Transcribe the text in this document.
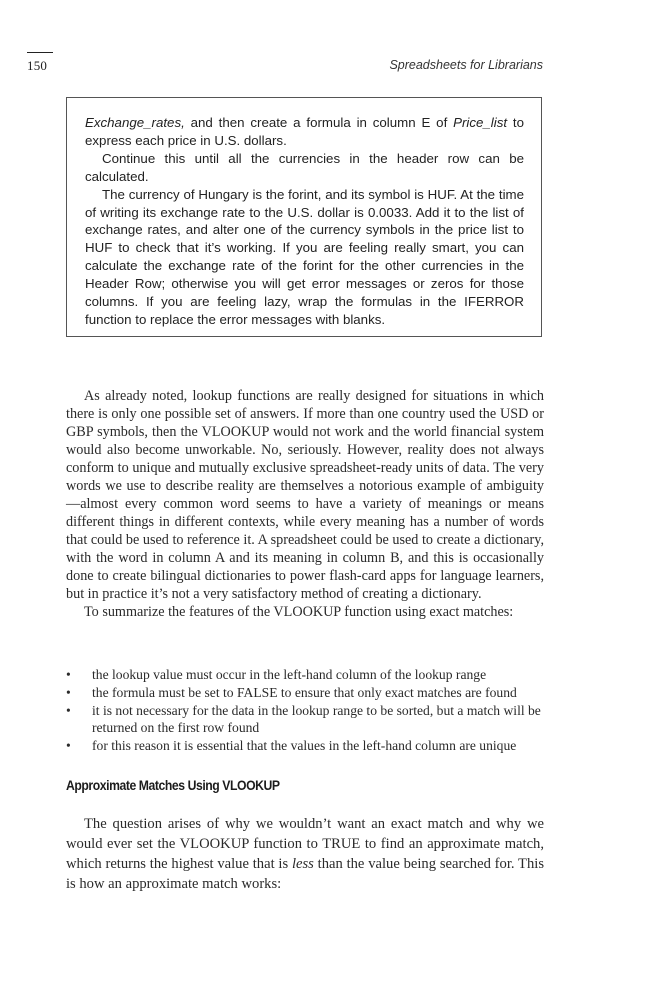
150	Spreadsheets for Librarians

Exchange_rates, and then create a formula in column E of Price_list to express each price in U.S. dollars.

Continue this until all the currencies in the header row can be calculated.

The currency of Hungary is the forint, and its symbol is HUF. At the time of writing its exchange rate to the U.S. dollar is 0.0033. Add it to the list of exchange rates, and alter one of the currency symbols in the price list to HUF to check that it’s working. If you are feeling really smart, you can calculate the exchange rate of the forint for the other currencies in the Header Row; otherwise you will get error messages or zeros for those columns. If you are feeling lazy, wrap the formulas in the IFERROR function to replace the error messages with blanks.

As already noted, lookup functions are really designed for situations in which there is only one possible set of answers. If more than one country used the USD or GBP symbols, then the VLOOKUP would not work and the world financial system would also become unworkable. No, seriously. However, reality does not always conform to unique and mutually exclusive spreadsheet-ready units of data. The very words we use to describe reality are themselves a notorious example of ambiguity—almost every common word seems to have a variety of meanings or means different things in different contexts, while every meaning has a number of words that could be used to reference it. A spreadsheet could be used to create a dictionary, with the word in column A and its meaning in column B, and this is occasionally done to create bilingual dictionaries to power flash-card apps for language learners, but in practice it’s not a very satisfactory method of creating a dictionary.

To summarize the features of the VLOOKUP function using exact matches:

• the lookup value must occur in the left-hand column of the lookup range
• the formula must be set to FALSE to ensure that only exact matches are found
• it is not necessary for the data in the lookup range to be sorted, but a match will be returned on the first row found
• for this reason it is essential that the values in the left-hand column are unique
Approximate Matches Using VLOOKUP

The question arises of why we wouldn’t want an exact match and why we would ever set the VLOOKUP function to TRUE to find an approximate match, which returns the highest value that is less than the value being searched for. This is how an approximate match works:
